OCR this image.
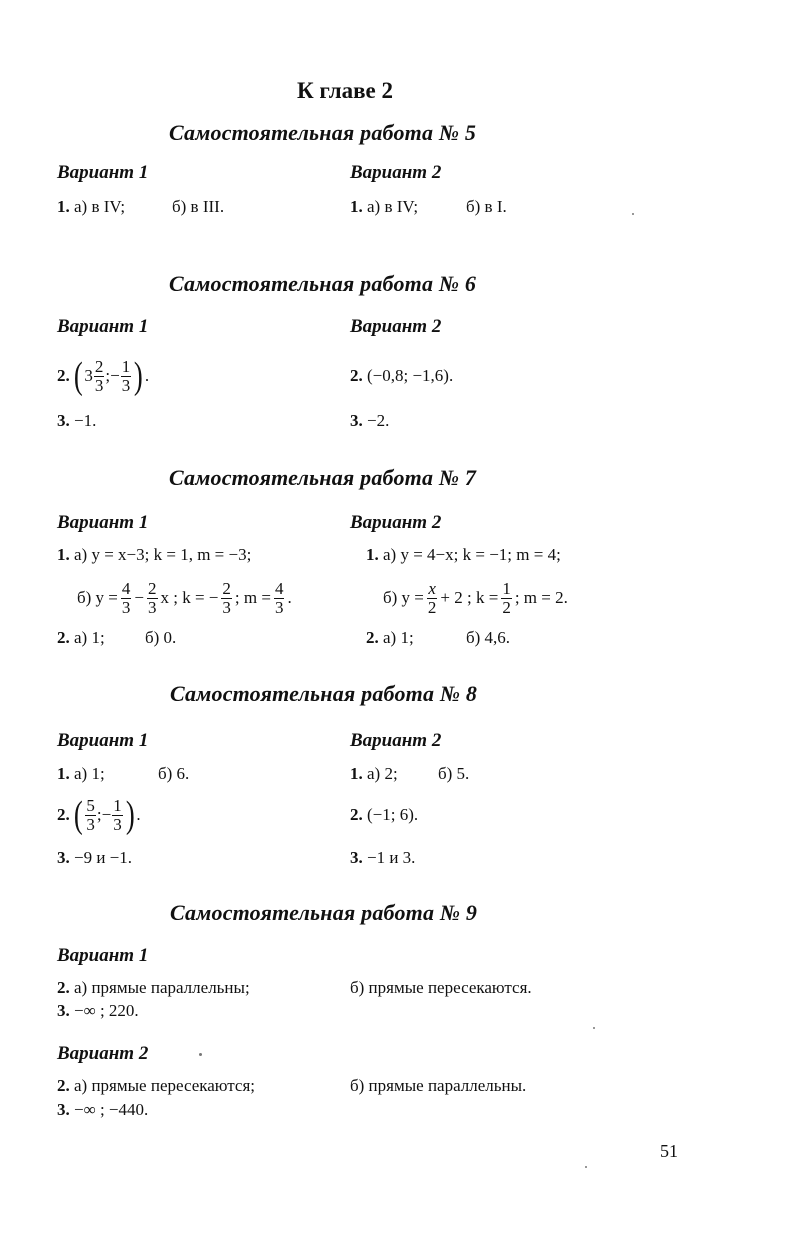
К главе 2
Самостоятельная работа № 5
Вариант 1	Вариант 2
1. а) в IV;	б) в III.	1. а) в IV;	б) в I.
Самостоятельная работа № 6
Вариант 1	Вариант 2
2. ( $3 \frac{2}{3}$ ; − $\frac{1}{3}$ ) .	2. (−0,8; −1,6).
3. −1.	3. −2.
Самостоятельная работа № 7
Вариант 1	Вариант 2
1. а) y = x−3; k = 1, m = −3;	1. а) y = 4−x; k = −1; m = 4;
б) $y = \frac{4}{3} - \frac{2}{3}$ x ; k = − $\frac{2}{3}$ ; $m = \frac{4}{3}$ .	б) $y = \frac{x}{2} + 2$ ; $k = \frac{1}{2}$ ; m = 2.
2. а) 1; б) 0.	2. а) 1;	б) 4,6.
Самостоятельная работа № 8
Вариант 1	Вариант 2
1. а) 1;	б) 6.	1. а) 2; б) 5.
2. ( $\frac{5}{3}$ ; − $\frac{1}{3}$ ) .	2. (−1; 6).
3. −9 и −1.	3. −1 и 3.
Самостоятельная работа № 9
Вариант 1
2. а) прямые параллельны;	б) прямые пересекаются.
3. −∞ ; 220.
Вариант 2
2. а) прямые пересекаются;	б) прямые параллельны.
3. −∞ ; −440.
51
